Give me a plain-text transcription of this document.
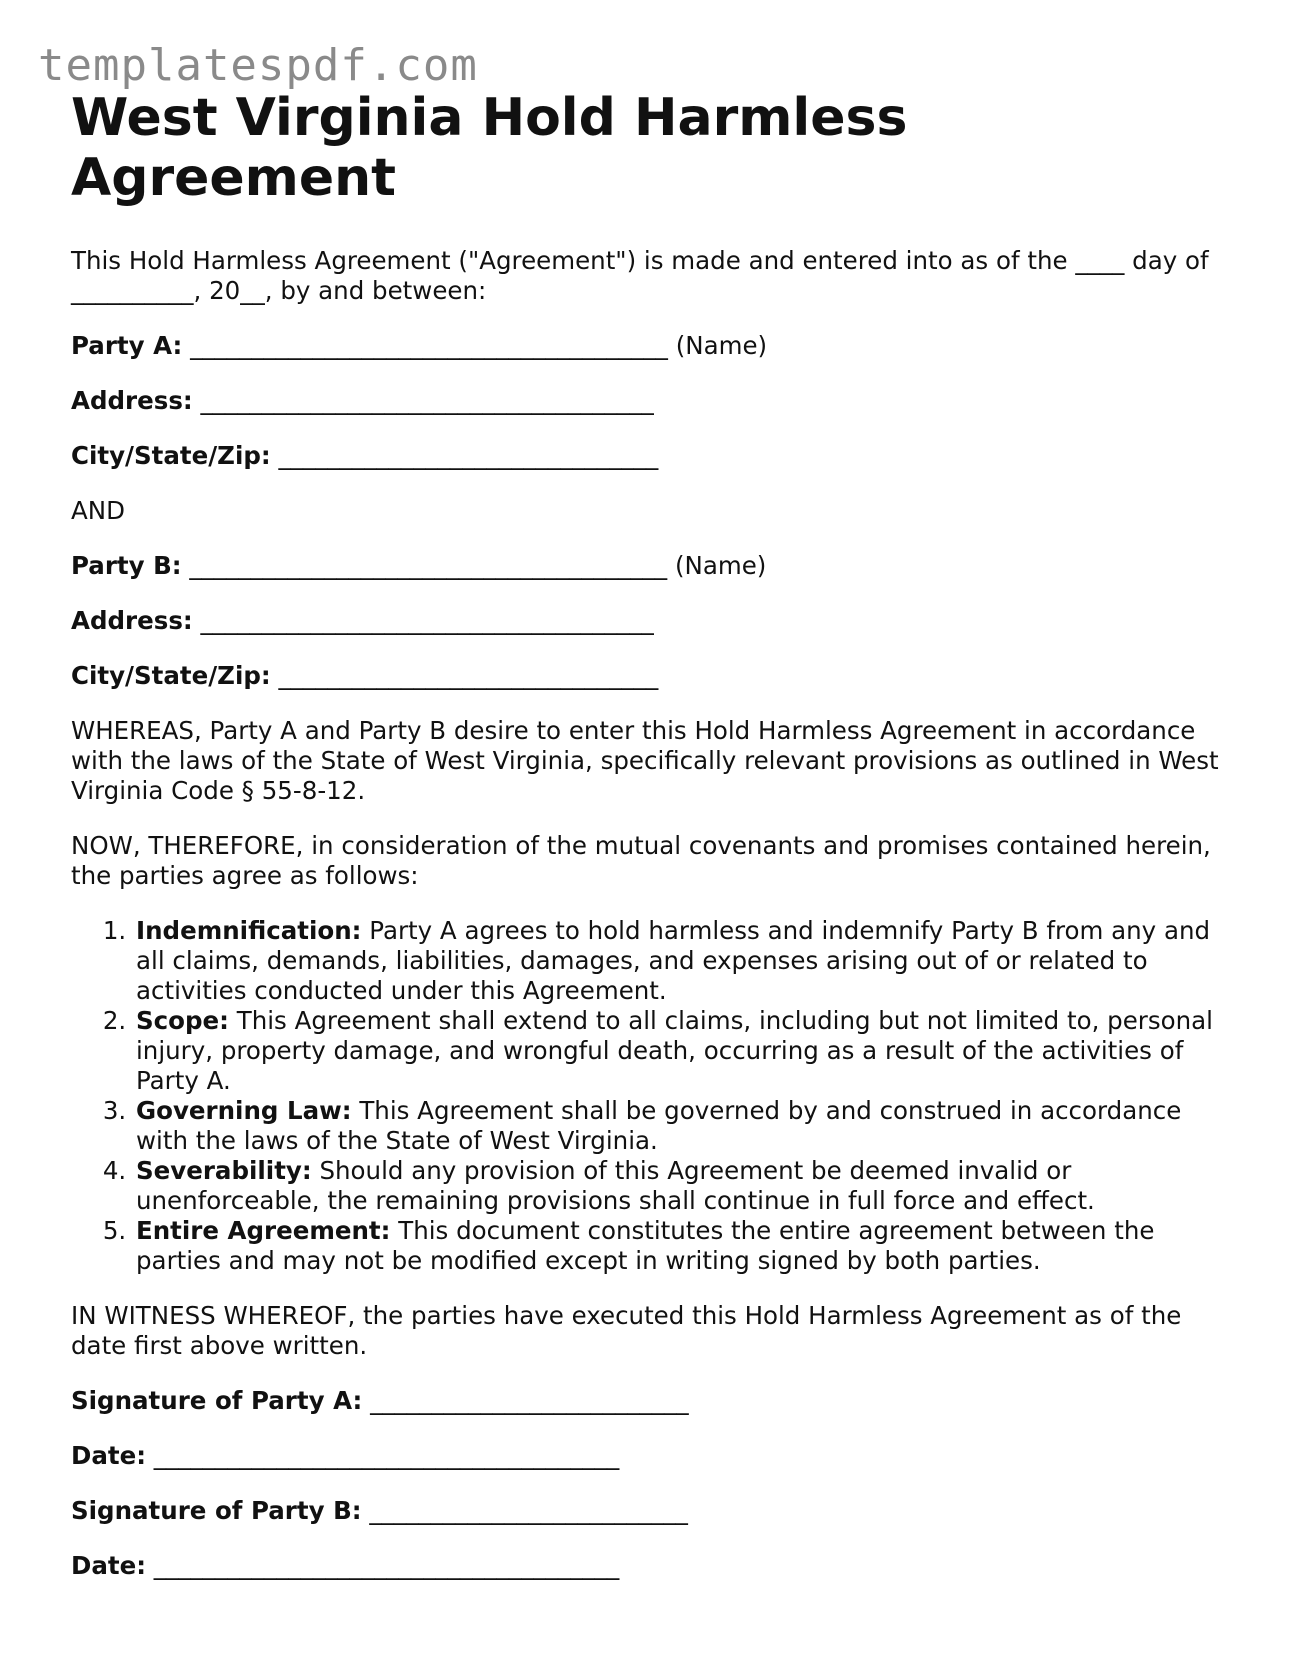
templatespdf.com
West Virginia Hold Harmless Agreement

This Hold Harmless Agreement ("Agreement") is made and entered into as of the ____ day of __________, 20__, by and between:

Party A: _______________________________________ (Name)
Address: _____________________________________
City/State/Zip: _______________________________

AND

Party B: _______________________________________ (Name)
Address: _____________________________________
City/State/Zip: _______________________________

WHEREAS, Party A and Party B desire to enter this Hold Harmless Agreement in accordance with the laws of the State of West Virginia, specifically relevant provisions as outlined in West Virginia Code § 55-8-12.

NOW, THEREFORE, in consideration of the mutual covenants and promises contained herein, the parties agree as follows:

1. Indemnification: Party A agrees to hold harmless and indemnify Party B from any and all claims, demands, liabilities, damages, and expenses arising out of or related to activities conducted under this Agreement.
2. Scope: This Agreement shall extend to all claims, including but not limited to, personal injury, property damage, and wrongful death, occurring as a result of the activities of Party A.
3. Governing Law: This Agreement shall be governed by and construed in accordance with the laws of the State of West Virginia.
4. Severability: Should any provision of this Agreement be deemed invalid or unenforceable, the remaining provisions shall continue in full force and effect.
5. Entire Agreement: This document constitutes the entire agreement between the parties and may not be modified except in writing signed by both parties.

IN WITNESS WHEREOF, the parties have executed this Hold Harmless Agreement as of the date first above written.

Signature of Party A: __________________________
Date: ______________________________________
Signature of Party B: __________________________
Date: ______________________________________
